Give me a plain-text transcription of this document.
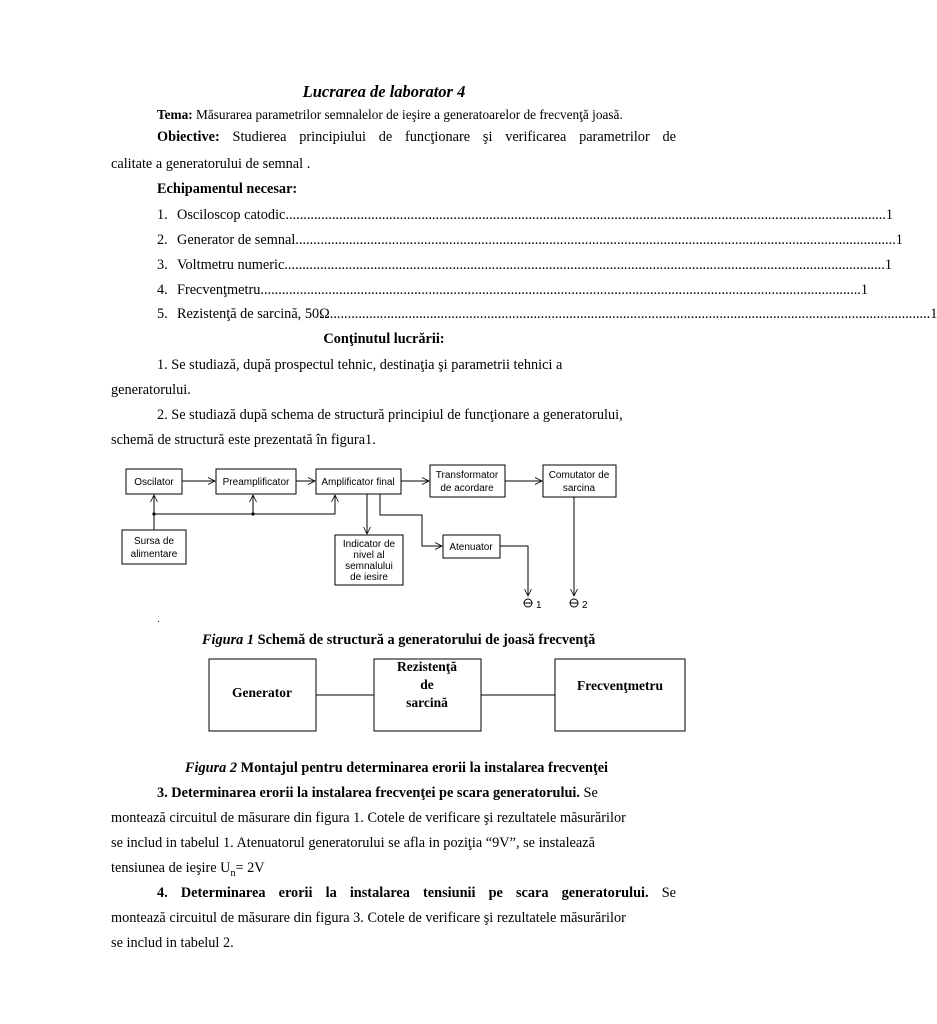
Lucrarea de laborator 4
Tema: Măsurarea parametrilor semnalelor de ieşire a generatoarelor de frecvenţă joasă.
Obiective: Studierea principiului de funcţionare şi verificarea parametrilor de
calitate a generatorului de semnal .
Echipamentul necesar:
1. Osciloscop catodic ........................................................................................................................................................................ 1
2. Generator de semnal ........................................................................................................................................................................ 1
3. Voltmetru numeric ........................................................................................................................................................................ 1
4. Frecvenţmetru ........................................................................................................................................................................ 1
5. Rezistenţă de sarcină, 50Ω ........................................................................................................................................................................ 1
Conţinutul lucrării:
1. Se studiază, după prospectul tehnic, destinaţia şi parametrii tehnici a
generatorului.
2. Se studiază după schema de structură principiul de funcţionare a generatorului,
schemă de structură este prezentată în figura1.
Oscilator	Preamplificator	Amplificator final
Transformator
de acordare
Comutator de
sarcina
Sursa de
alimentare
Indicator de
nivel al
semnalului
de iesire
Atenuator
1	2
.
Generator
Rezistenţă
de
sarcină
Frecvenţmetru
Figura 1 Schemă de structură a generatorului de joasă frecvenţă
Figura 2 Montajul pentru determinarea erorii la instalarea frecvenţei
3. Determinarea erorii la instalarea frecvenţei pe scara generatorului. Se
montează circuitul de măsurare din figura 1. Cotele de verificare şi rezultatele măsurărilor
se includ in tabelul 1. Atenuatorul generatorului se afla in poziţia “9V”, se instalează
tensiunea de ieşire $U_n= 2V$
4. Determinarea erorii la instalarea tensiunii pe scara generatorului. Se
montează circuitul de măsurare din figura 3. Cotele de verificare şi rezultatele măsurărilor
se includ in tabelul 2.
